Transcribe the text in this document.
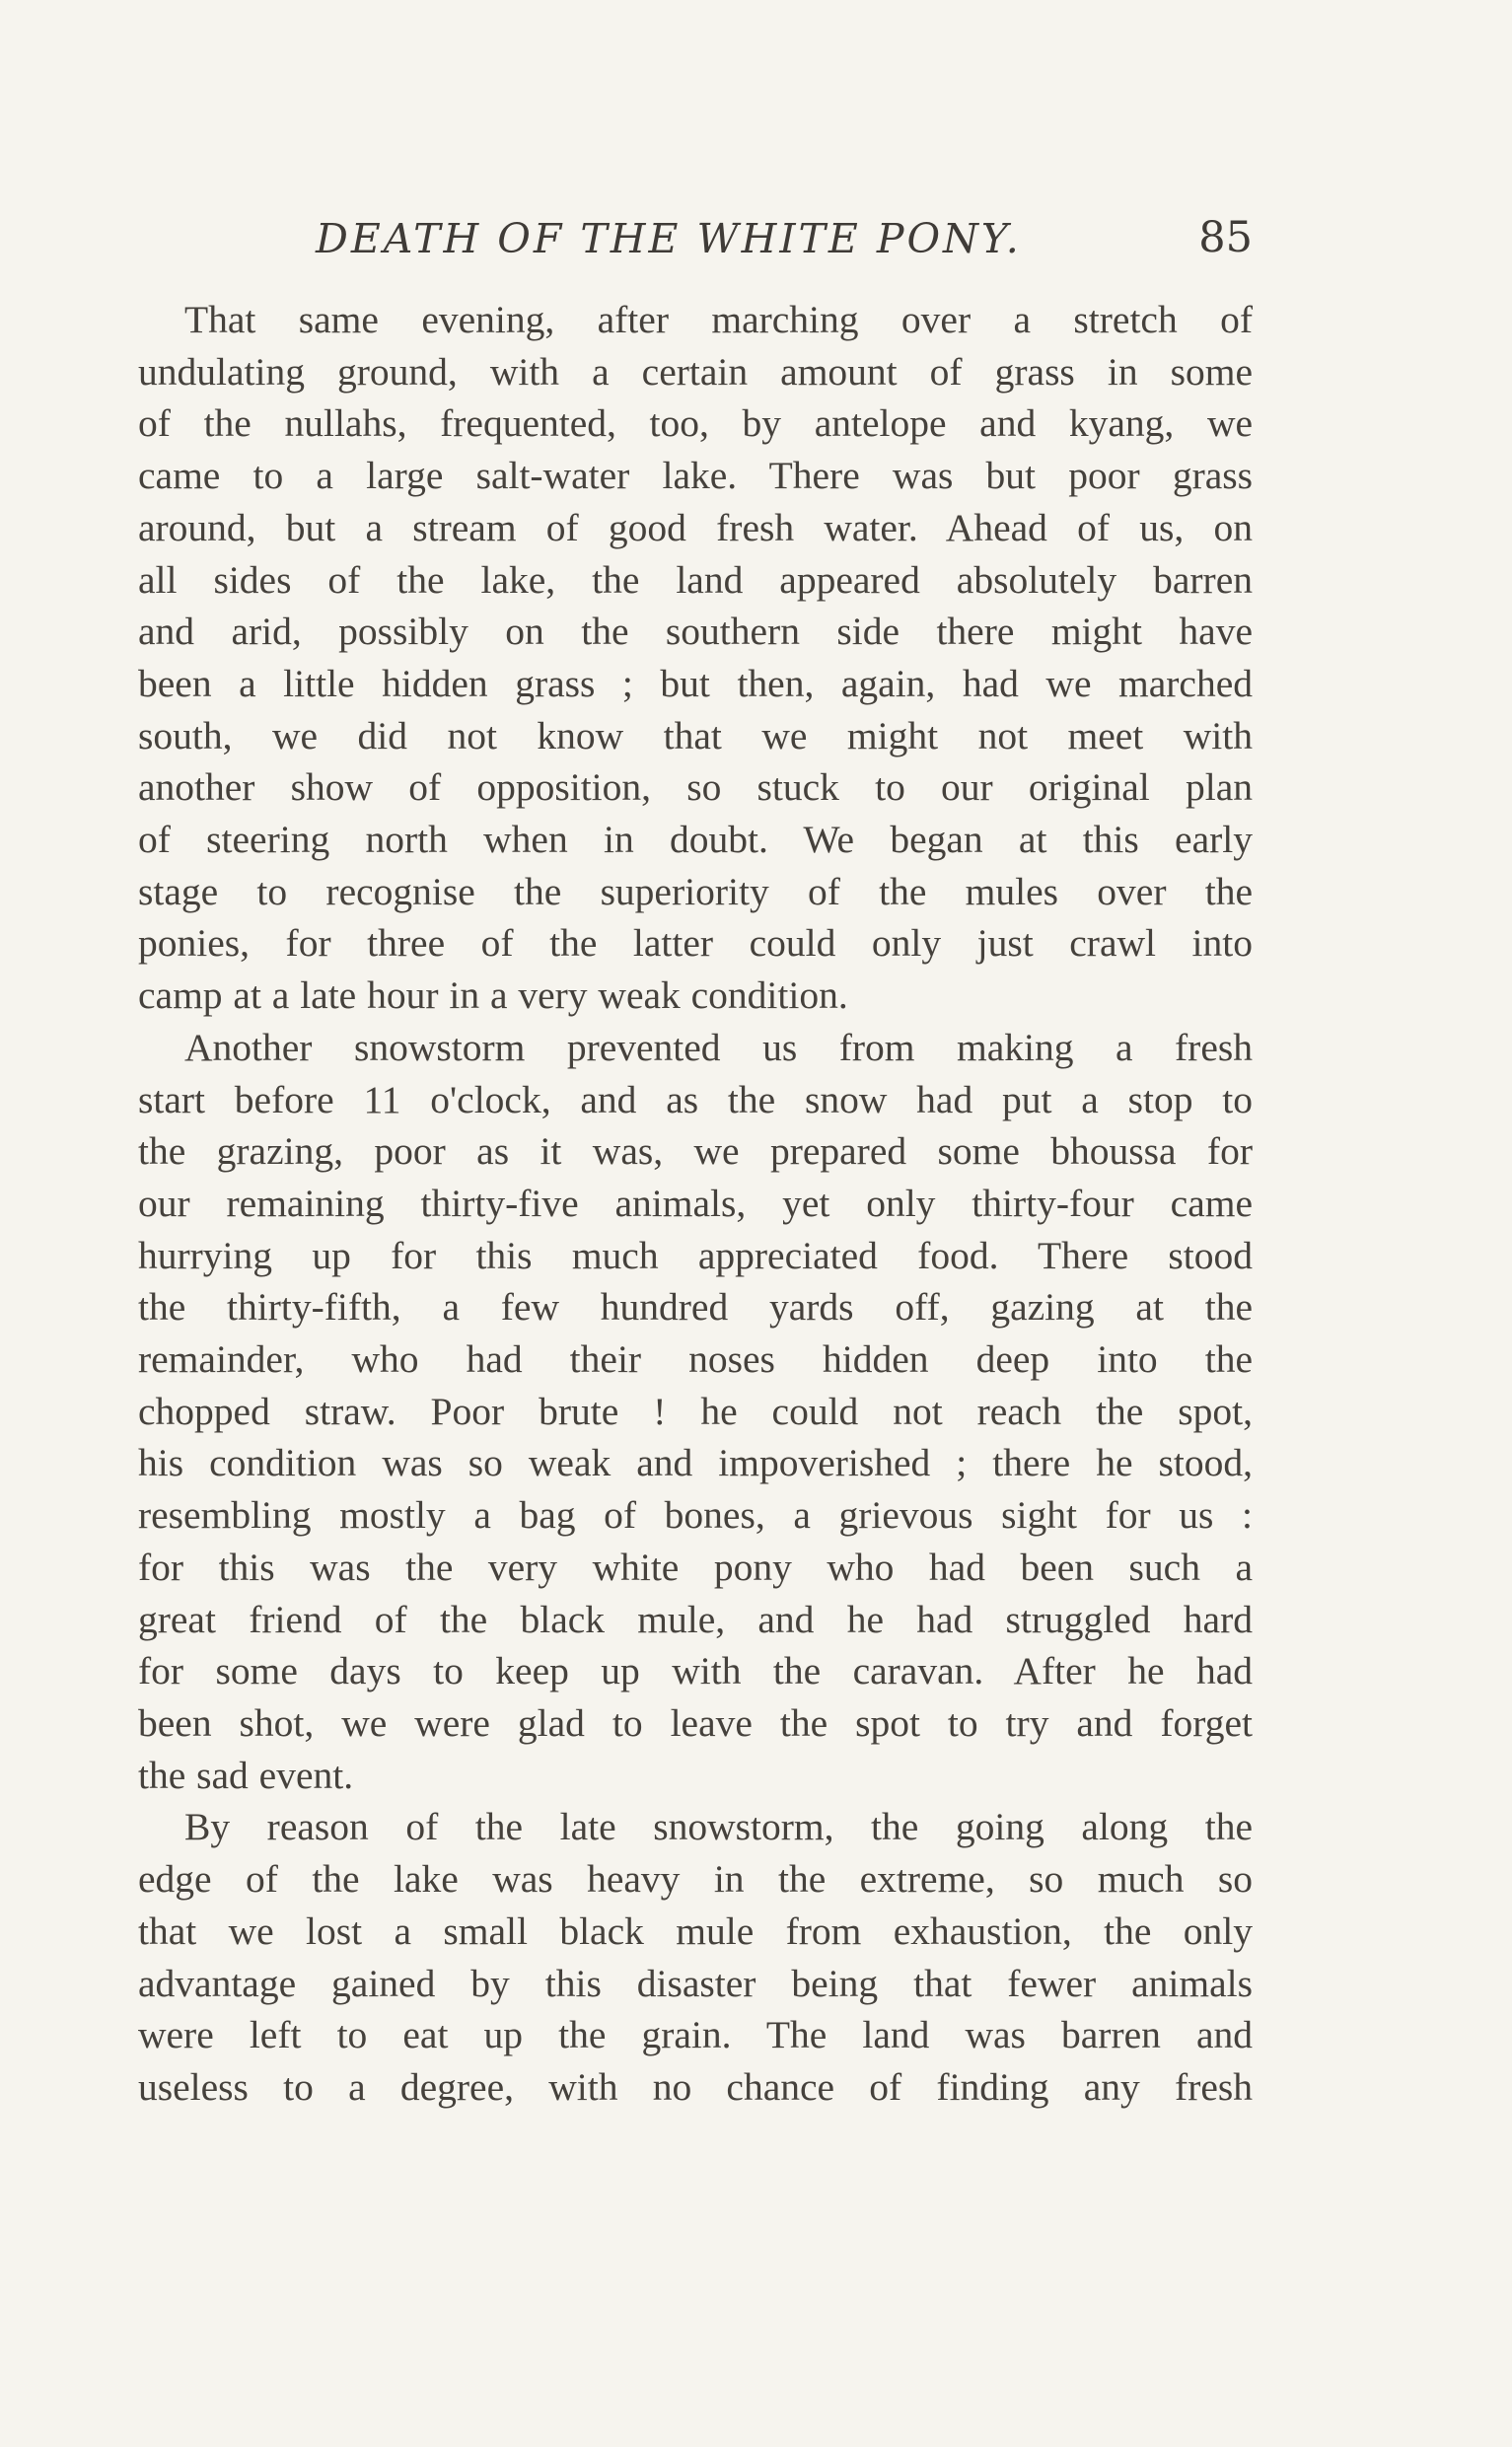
DEATH OF THE WHITE PONY.	85
That same evening, after marching over a stretch of
undulating ground, with a certain amount of grass in some
of the nullahs, frequented, too, by antelope and kyang, we
came to a large salt-water lake. There was but poor grass
around, but a stream of good fresh water. Ahead of us, on
all sides of the lake, the land appeared absolutely barren
and arid, possibly on the southern side there might have
been a little hidden grass ; but then, again, had we marched
south, we did not know that we might not meet with
another show of opposition, so stuck to our original plan
of steering north when in doubt. We began at this early
stage to recognise the superiority of the mules over the
ponies, for three of the latter could only just crawl into
camp at a late hour in a very weak condition.
Another snowstorm prevented us from making a fresh
start before 11 o'clock, and as the snow had put a stop to
the grazing, poor as it was, we prepared some bhoussa for
our remaining thirty-five animals, yet only thirty-four came
hurrying up for this much appreciated food. There stood
the thirty-fifth, a few hundred yards off, gazing at the
remainder, who had their noses hidden deep into the
chopped straw. Poor brute ! he could not reach the spot,
his condition was so weak and impoverished ; there he stood,
resembling mostly a bag of bones, a grievous sight for us :
for this was the very white pony who had been such a
great friend of the black mule, and he had struggled hard
for some days to keep up with the caravan. After he had
been shot, we were glad to leave the spot to try and forget
the sad event.
By reason of the late snowstorm, the going along the
edge of the lake was heavy in the extreme, so much so
that we lost a small black mule from exhaustion, the only
advantage gained by this disaster being that fewer animals
were left to eat up the grain. The land was barren and
useless to a degree, with no chance of finding any fresh
